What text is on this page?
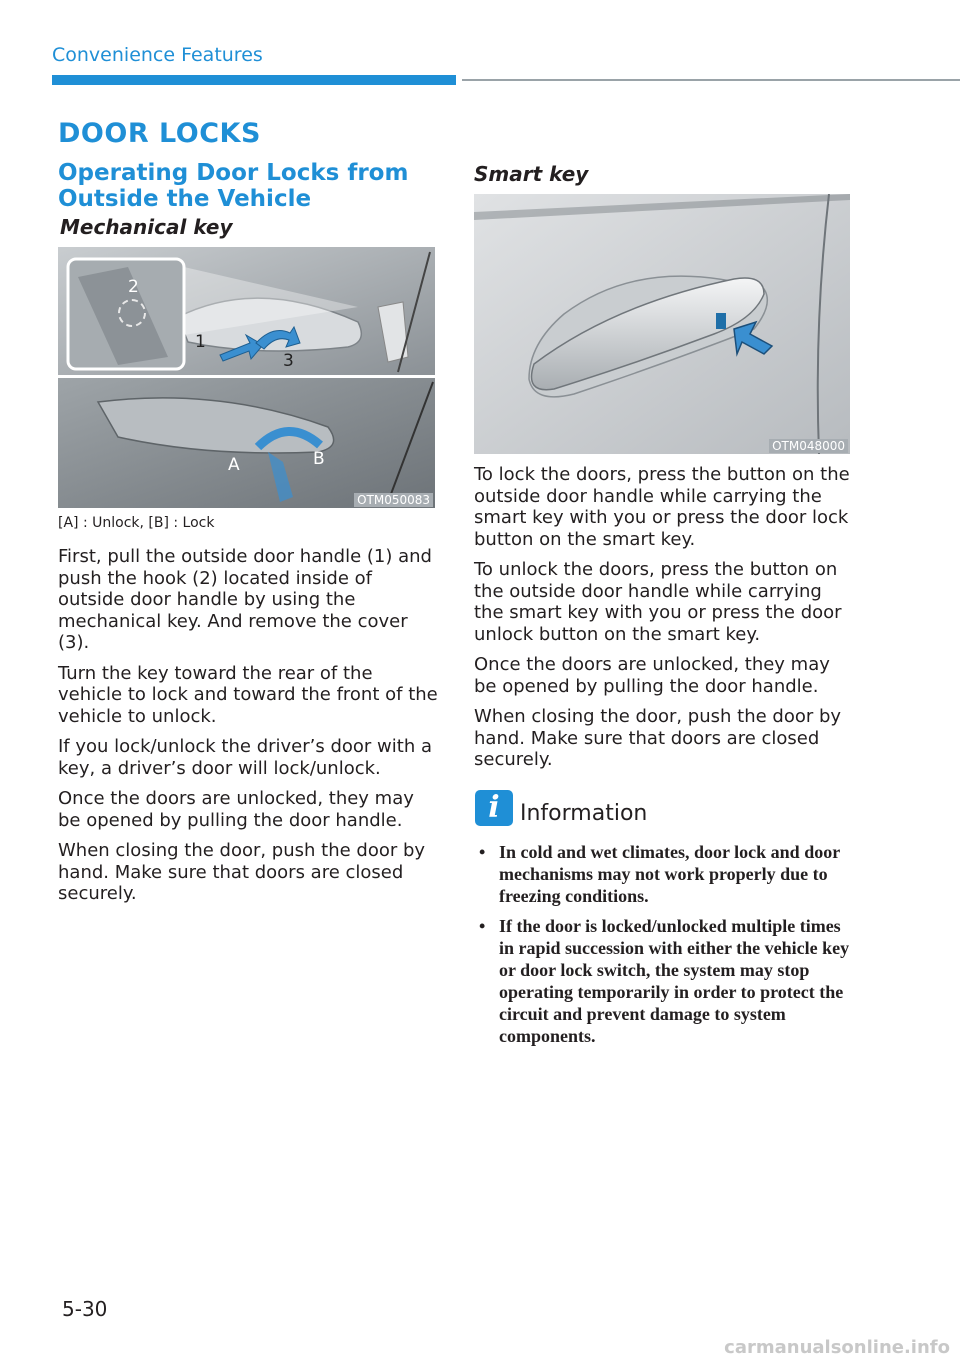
Convenience Features
DOOR LOCKS
Operating Door Locks from Outside the Vehicle
Mechanical key
1
2
3
A	B
OTM050083
[A] : Unlock, [B] : Lock

First, pull the outside door handle (1) and push the hook (2) located inside of outside door handle by using the mechanical key. And remove the cover (3).

Turn the key toward the rear of the vehicle to lock and toward the front of the vehicle to unlock.

If you lock/unlock the driver’s door with a key, a driver’s door will lock/unlock.

Once the doors are unlocked, they may be opened by pulling the door handle.

When closing the door, push the door by hand. Make sure that doors are closed securely.

Smart key
OTM048000

To lock the doors, press the button on the outside door handle while carrying the smart key with you or press the door lock button on the smart key.

To unlock the doors, press the button on the outside door handle while carrying the smart key with you or press the door unlock button on the smart key.

Once the doors are unlocked, they may be opened by pulling the door handle.

When closing the door, push the door by hand. Make sure that doors are closed securely.

i Information
• In cold and wet climates, door lock and door mechanisms may not work properly due to freezing conditions.
• If the door is locked/unlocked multiple times in rapid succession with either the vehicle key or door lock switch, the system may stop operating temporarily in order to protect the circuit and prevent damage to system components.
5-30
carmanualsonline.info
